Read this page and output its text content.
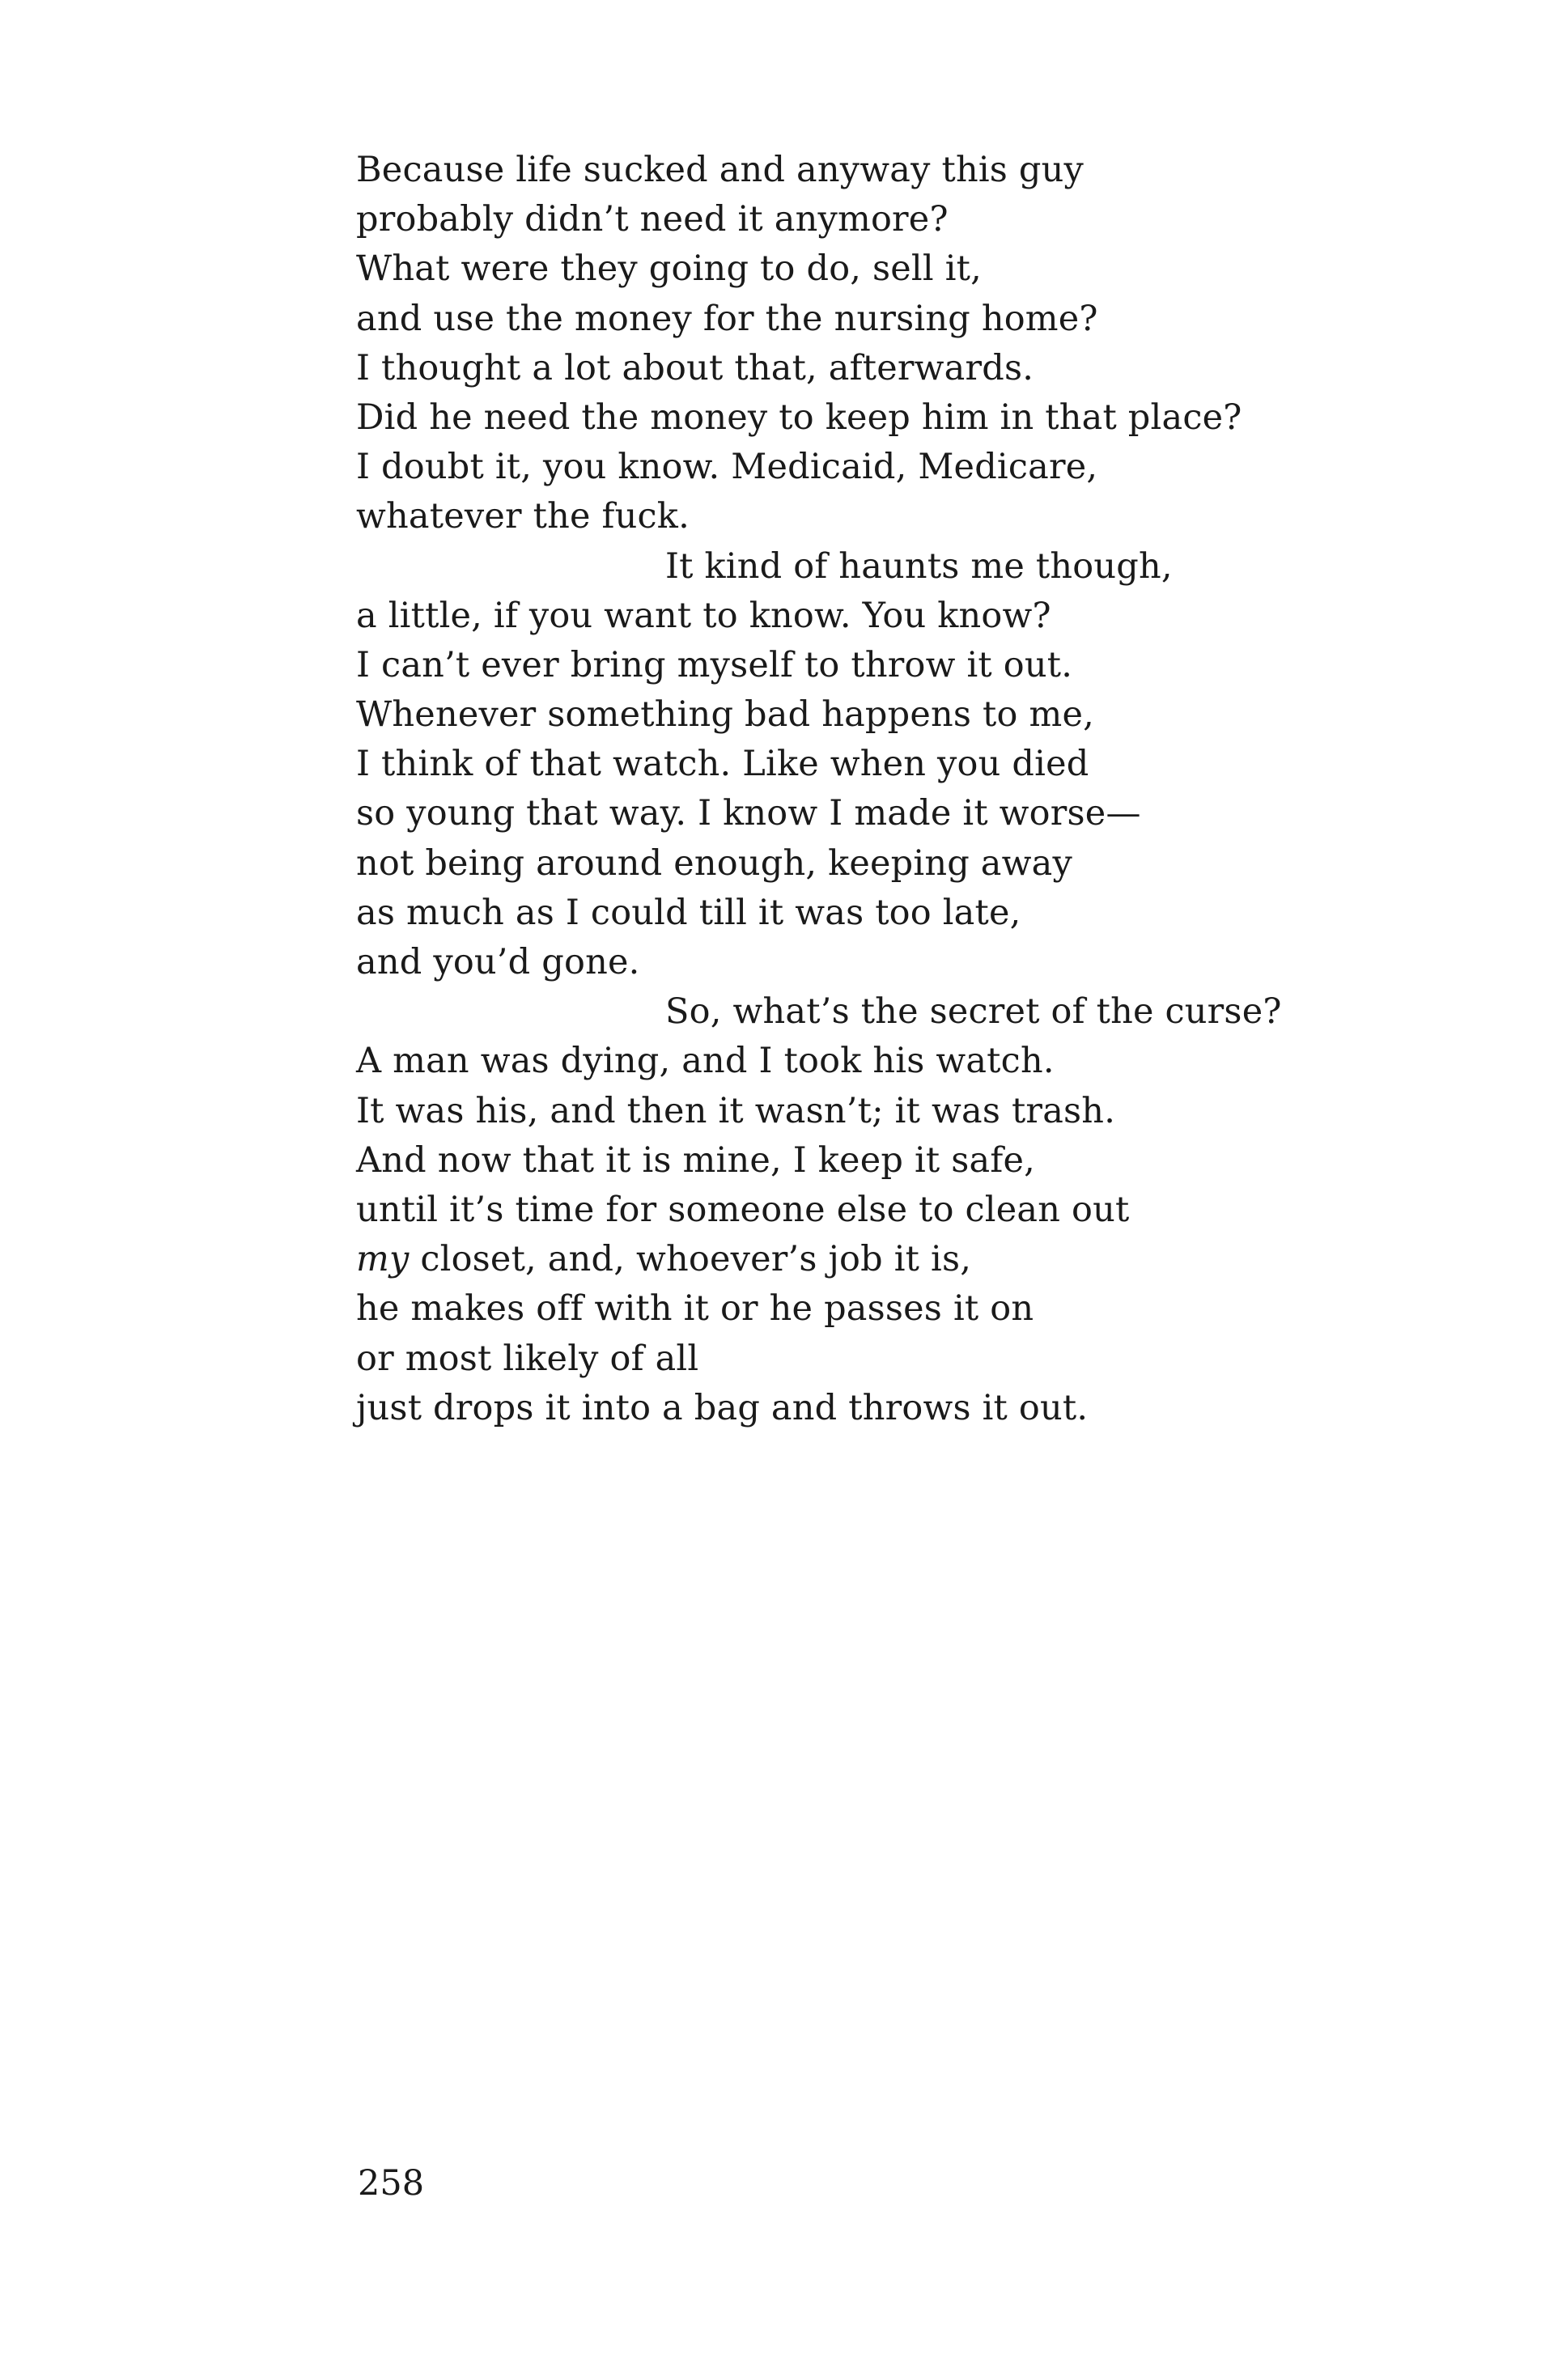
Because life sucked and anyway this guy
probably didn’t need it anymore?
What were they going to do, sell it,
and use the money for the nursing home?
I thought a lot about that, afterwards.
Did he need the money to keep him in that place?
I doubt it, you know. Medicaid, Medicare,
whatever the fuck.
It kind of haunts me though,
a little, if you want to know. You know?
I can’t ever bring myself to throw it out.
Whenever something bad happens to me,
I think of that watch. Like when you died
so young that way. I know I made it worse—
not being around enough, keeping away
as much as I could till it was too late,
and you’d gone.
So, what’s the secret of the curse?
A man was dying, and I took his watch.
It was his, and then it wasn’t; it was trash.
And now that it is mine, I keep it safe,
until it’s time for someone else to clean out
my closet, and, whoever’s job it is,
he makes off with it or he passes it on
or most likely of all
just drops it into a bag and throws it out.
258
